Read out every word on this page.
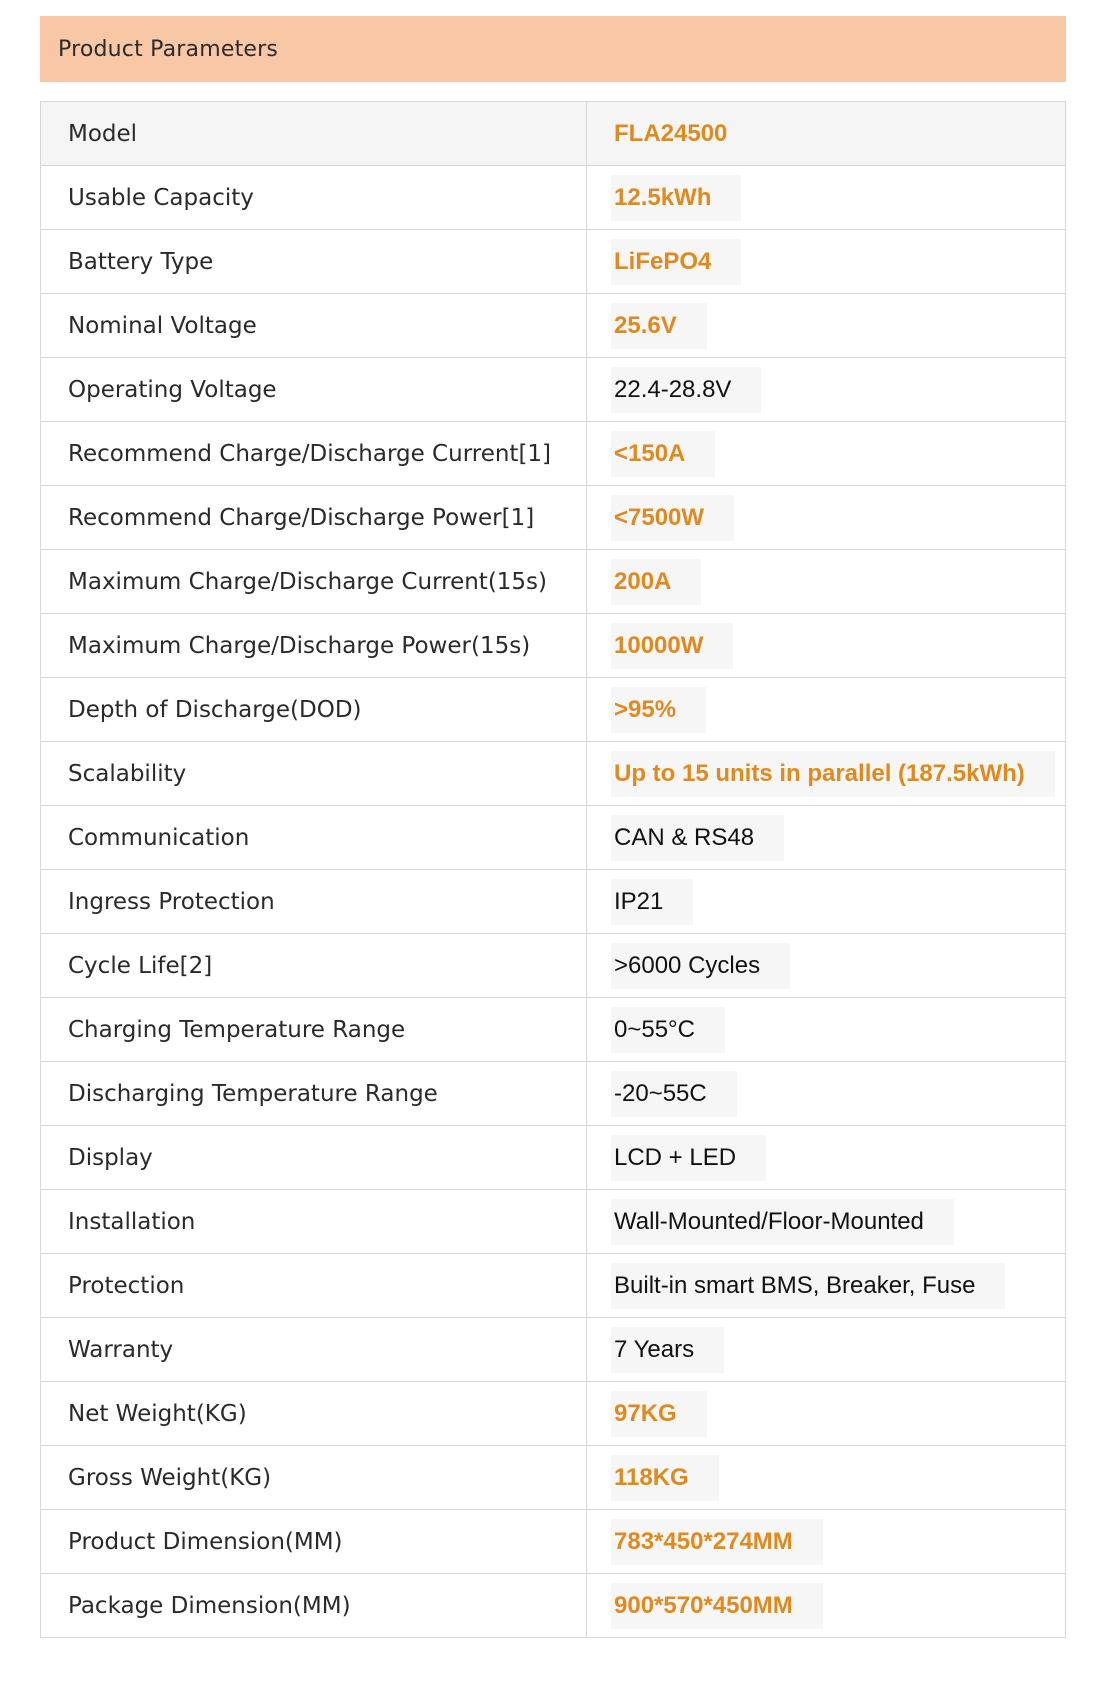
Product Parameters
Model	FLA24500

Usable Capacity	12.5kWh

Battery Type	LiFePO4

Nominal Voltage	25.6V

Operating Voltage	22.4-28.8V

Recommend Charge/Discharge Current[1]	<150A

Recommend Charge/Discharge Power[1]	<7500W

Maximum Charge/Discharge Current(15s)	200A

Maximum Charge/Discharge Power(15s)	10000W

Depth of Discharge(DOD)	>95%

Scalability	Up to 15 units in parallel (187.5kWh)

Communication	CAN & RS48

Ingress Protection	IP21

Cycle Life[2]	>6000 Cycles

Charging Temperature Range	0~55°C

Discharging Temperature Range	-20~55C

Display	LCD + LED

Installation	Wall-Mounted/Floor-Mounted

Protection	Built-in smart BMS, Breaker, Fuse

Warranty	7 Years

Net Weight(KG)	97KG

Gross Weight(KG)	118KG

Product Dimension(MM)	783*450*274MM

Package Dimension(MM)	900*570*450MM
